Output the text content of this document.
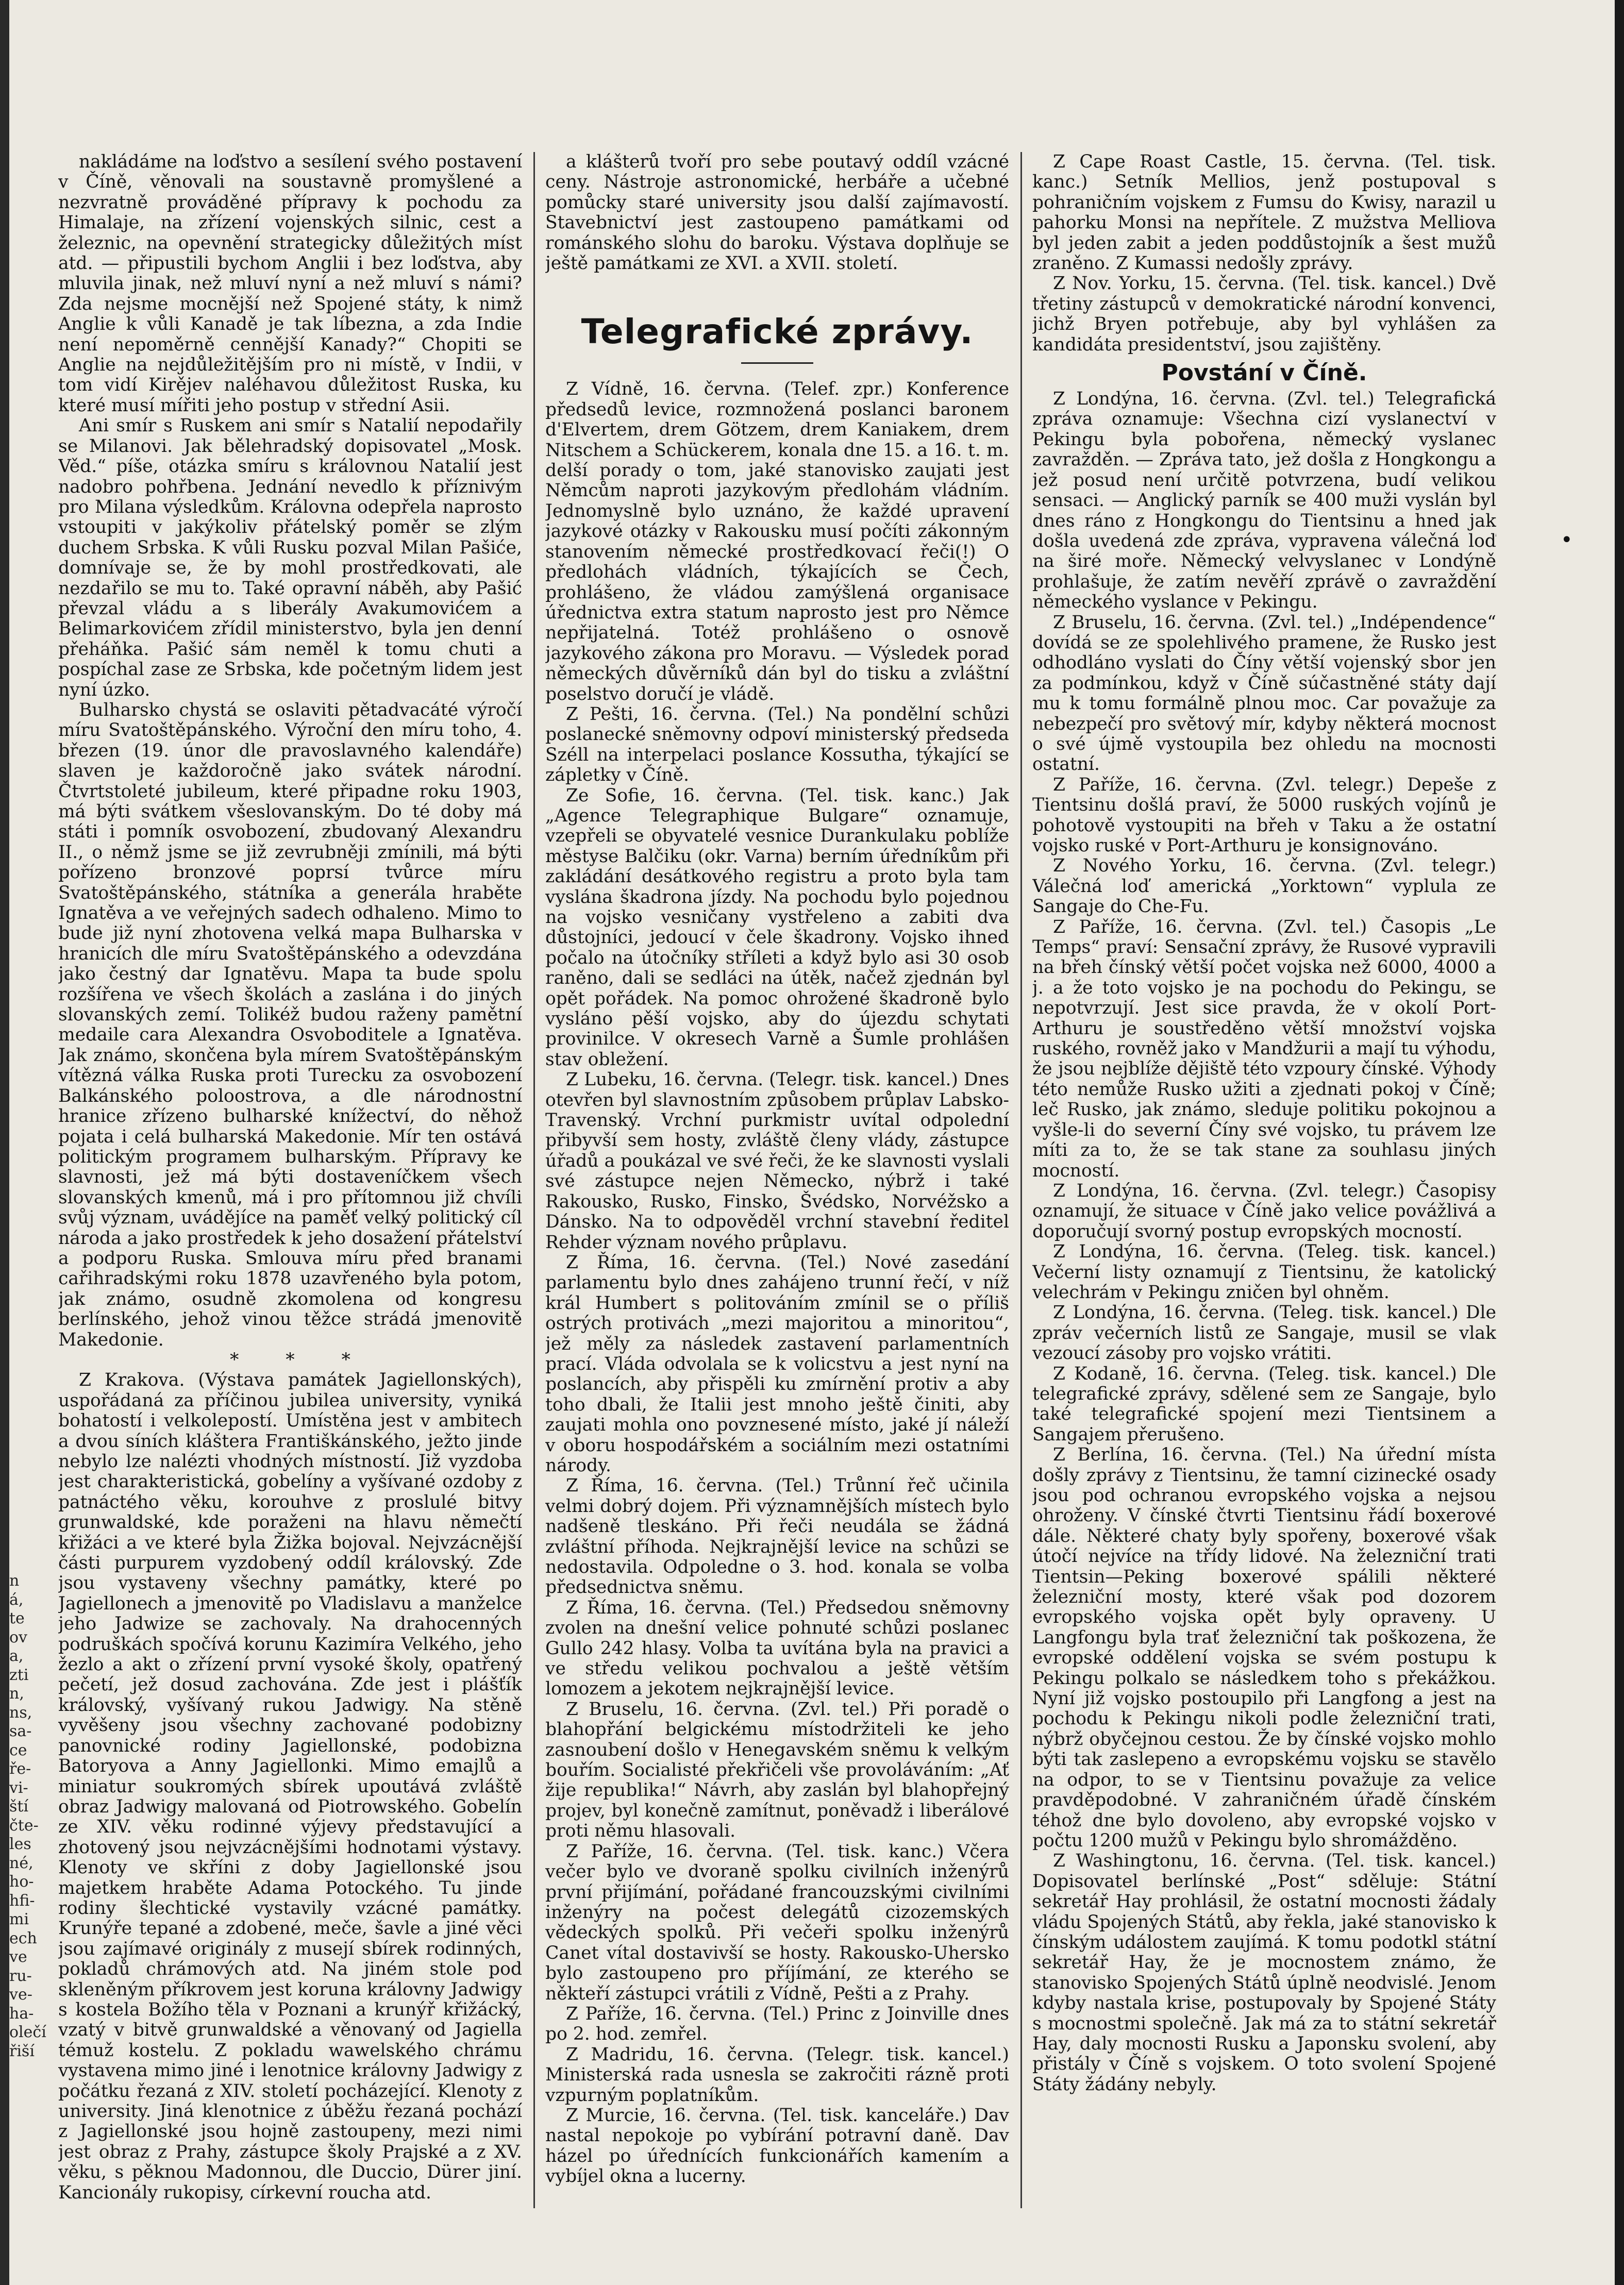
n
á,
te
ov
a,
zti
n,
ns,
sa-
ce
ře-
vi-
ští
čte-
les
né,
ho-
hfi-
mi
ech
ve
ru-
ve-
ha-
olečí
řiší
•

nakládáme na loďstvo a sesílení svého postavení v Číně, věnovali na soustavně promyšlené a nezvratně prováděné přípravy k pochodu za Himalaje, na zřízení vojenských silnic, cest a železnic, na opevnění strategicky důležitých míst atd. — připustili bychom Anglii i bez loďstva, aby mluvila jinak, než mluví nyní a než mluví s námi? Zda nejsme mocnější než Spojené státy, k nimž Anglie k vůli Kanadě je tak líbezna, a zda Indie není nepoměrně cennější Kanady?“ Chopiti se Anglie na nejdůležitějším pro ni místě, v Indii, v tom vidí Kirějev naléhavou důležitost Ruska, ku které musí mířiti jeho postup v střední Asii.

Ani smír s Ruskem ani smír s Natalií nepodařily se Milanovi. Jak bělehradský dopisovatel „Mosk. Věd.“ píše, otázka smíru s královnou Natalií jest nadobro pohřbena. Jednání nevedlo k příznivým pro Milana výsledkům. Královna odepřela naprosto vstoupiti v jakýkoliv přátelský poměr se zlým duchem Srbska. K vůli Rusku pozval Milan Pašiće, domnívaje se, že by mohl prostředkovati, ale nezdařilo se mu to. Také opravní náběh, aby Pašić převzal vládu a s liberály Avakumovićem a Belimarkovićem zřídil ministerstvo, byla jen denní přeháňka. Pašić sám neměl k tomu chuti a pospíchal zase ze Srbska, kde početným lidem jest nyní úzko.

Bulharsko chystá se oslaviti pětadvacáté výročí míru Svatoštěpánského. Výroční den míru toho, 4. březen (19. únor dle pravoslavného kalendáře) slaven je každoročně jako svátek národní. Čtvrtstoleté jubileum, které připadne roku 1903, má býti svátkem všeslovanským. Do té doby má státi i pomník osvobození, zbudovaný Alexandru II., o němž jsme se již zevrubněji zmínili, má býti pořízeno bronzové poprsí tvůrce míru Svatoštěpánského, státníka a generála hraběte Ignatěva a ve veřejných sadech odhaleno. Mimo to bude již nyní zhotovena velká mapa Bulharska v hranicích dle míru Svatoštěpánského a odevzdána jako čestný dar Ignatěvu. Mapa ta bude spolu rozšířena ve všech školách a zaslána i do jiných slovanských zemí. Tolikéž budou raženy pamětní medaile cara Alexandra Osvoboditele a Ignatěva. Jak známo, skončena byla mírem Svatoštěpánským vítězná válka Ruska proti Turecku za osvobození Balkánského poloostrova, a dle národnostní hranice zřízeno bulharské knížectví, do něhož pojata i celá bulharská Makedonie. Mír ten ostává politickým programem bulharským. Přípravy ke slavnosti, jež má býti dostaveníčkem všech slovanských kmenů, má i pro přítomnou již chvíli svůj význam, uvádějíce na paměť velký politický cíl národa a jako prostředek k jeho dosažení přátelství a podporu Ruska. Smlouva míru před branami cařihradskými roku 1878 uzavřeného byla potom, jak známo, osudně zkomolena od kongresu berlínského, jehož vinou těžce strádá jmenovitě Makedonie.

* * *

Z Krakova. (Výstava památek Jagiellonských), uspořádaná za příčinou jubilea university, vyniká bohatostí i velkolepostí. Umístěna jest v ambitech a dvou síních kláštera Františkánského, ježto jinde nebylo lze nalézti vhodných místností. Již vyzdoba jest charakteristická, gobelíny a vyšívané ozdoby z patnáctého věku, korouhve z proslulé bitvy grunwaldské, kde poraženi na hlavu němečtí křižáci a ve které byla Žižka bojoval. Nejvzácnější části purpurem vyzdobený oddíl královský. Zde jsou vystaveny všechny památky, které po Jagiellonech a jmenovitě po Vladislavu a manželce jeho Jadwize se zachovaly. Na drahocenných podruškách spočívá korunu Kazimíra Velkého, jeho žezlo a akt o zřízení první vysoké školy, opatřený pečetí, jež dosud zachována. Zde jest i plášťík královský, vyšívaný rukou Jadwigy. Na stěně vyvěšeny jsou všechny zachované podobizny panovnické rodiny Jagiellonské, podobizna Batoryova a Anny Jagiellonki. Mimo emajlů a miniatur soukromých sbírek upoutává zvláště obraz Jadwigy malovaná od Piotrowského. Gobelín ze XIV. věku rodinné výjevy představující a zhotovený jsou nejvzácnějšími hodnotami výstavy. Klenoty ve skříni z doby Jagiellonské jsou majetkem hraběte Adama Potockého. Tu jinde rodiny šlechtické vystavily vzácné památky. Krunýře tepané a zdobené, meče, šavle a jiné věci jsou zajímavé originály z musejí sbírek rodinných, pokladů chrámových atd. Na jiném stole pod skleněným příkrovem jest koruna královny Jadwigy s kostela Božího těla v Poznani a krunýř křižácký, vzatý v bitvě grunwaldské a věnovaný od Jagiella témuž kostelu. Z pokladu wawelského chrámu vystavena mimo jiné i lenotnice královny Jadwigy z počátku řezaná z XIV. století pocházející. Klenoty z university. Jiná klenotnice z úběžu řezaná pochází z Jagiellonské jsou hojně zastoupeny, mezi nimi jest obraz z Prahy, zástupce školy Prajské a z XV. věku, s pěknou Madonnou, dle Duccio, Dürer jiní. Kancionály rukopisy, církevní roucha atd.

a klášterů tvoří pro sebe poutavý oddíl vzácné ceny. Nástroje astronomické, herbáře a učebné pomůcky staré university jsou další zajímavostí. Stavebnictví jest zastoupeno památkami od románského slohu do baroku. Výstava doplňuje se ještě památkami ze XVI. a XVII. století.

Telegrafické zprávy.

Z Vídně, 16. června. (Telef. zpr.) Konference předsedů levice, rozmnožená poslanci baronem d'Elvertem, drem Götzem, drem Kaniakem, drem Nitschem a Schückerem, konala dne 15. a 16. t. m. delší porady o tom, jaké stanovisko zaujati jest Němcům naproti jazykovým předlohám vládním. Jednomyslně bylo uznáno, že každé upravení jazykové otázky v Rakousku musí počíti zákonným stanovením německé prostředkovací řeči(!) O předlohách vládních, týkajících se Čech, prohlášeno, že vládou zamýšlená organisace úřednictva extra statum naprosto jest pro Němce nepřijatelná. Totéž prohlášeno o osnově jazykového zákona pro Moravu. — Výsledek porad německých důvěrníků dán byl do tisku a zvláštní poselstvo doručí je vládě.

Z Pešti, 16. června. (Tel.) Na pondělní schůzi poslanecké sněmovny odpoví ministerský předseda Széll na interpelaci poslance Kossutha, týkající se zápletky v Číně.

Ze Sofie, 16. června. (Tel. tisk. kanc.) Jak „Agence Telegraphique Bulgare“ oznamuje, vzepřeli se obyvatelé vesnice Durankulaku poblíže městyse Balčiku (okr. Varna) berním úředníkům při zakládání desátkového registru a proto byla tam vyslána škadrona jízdy. Na pochodu bylo pojednou na vojsko vesničany vystřeleno a zabiti dva důstojníci, jedoucí v čele škadrony. Vojsko ihned počalo na útočníky stříleti a když bylo asi 30 osob raněno, dali se sedláci na útěk, načež zjednán byl opět pořádek. Na pomoc ohrožené škadroně bylo vysláno pěší vojsko, aby do újezdu schytati provinilce. V okresech Varně a Šumle prohlášen stav obležení.

Z Lubeku, 16. června. (Telegr. tisk. kancel.) Dnes otevřen byl slavnostním způsobem průplav Labsko-Travenský. Vrchní purkmistr uvítal odpolední přibyvší sem hosty, zvláště členy vlády, zástupce úřadů a poukázal ve své řeči, že ke slavnosti vyslali své zástupce nejen Německo, nýbrž i také Rakousko, Rusko, Finsko, Švédsko, Norvéžsko a Dánsko. Na to odpověděl vrchní stavební ředitel Rehder význam nového průplavu.

Z Říma, 16. června. (Tel.) Nové zasedání parlamentu bylo dnes zahájeno trunní řečí, v níž král Humbert s politováním zmínil se o příliš ostrých protivách „mezi majoritou a minoritou“, jež měly za následek zastavení parlamentních prací. Vláda odvolala se k volicstvu a jest nyní na poslancích, aby přispěli ku zmírnění protiv a aby toho dbali, že Italii jest mnoho ještě činiti, aby zaujati mohla ono povznesené místo, jaké jí náleží v oboru hospodářském a sociálním mezi ostatními národy.

Z Říma, 16. června. (Tel.) Trůnní řeč učinila velmi dobrý dojem. Při významnějších místech bylo nadšeně tleskáno. Při řeči neudála se žádná zvláštní příhoda. Nejkrajnější levice na schůzi se nedostavila. Odpoledne o 3. hod. konala se volba předsednictva sněmu.

Z Říma, 16. června. (Tel.) Předsedou sněmovny zvolen na dnešní velice pohnuté schůzi poslanec Gullo 242 hlasy. Volba ta uvítána byla na pravici a ve středu velikou pochvalou a ještě větším lomozem a jekotem nejkrajnější levice.

Z Bruselu, 16. června. (Zvl. tel.) Při poradě o blahopřání belgickému místodržiteli ke jeho zasnoubení došlo v Henegavském sněmu k velkým bouřím. Socialisté překřičeli vše provoláváním: „Ať žije republika!“ Návrh, aby zaslán byl blahopřejný projev, byl konečně zamítnut, poněvadž i liberálové proti němu hlasovali.

Z Paříže, 16. června. (Tel. tisk. kanc.) Včera večer bylo ve dvoraně spolku civilních inženýrů první přijímání, pořádané francouzskými civilními inženýry na počest delegátů cizozemských vědeckých spolků. Při večeři spolku inženýrů Canet vítal dostavivší se hosty. Rakousko-Uhersko bylo zastoupeno pro příjímání, ze kterého se někteří zástupci vrátili z Vídně, Pešti a z Prahy.

Z Paříže, 16. června. (Tel.) Princ z Joinville dnes po 2. hod. zemřel.

Z Madridu, 16. června. (Telegr. tisk. kancel.) Ministerská rada usnesla se zakročiti rázně proti vzpurným poplatníkům.

Z Murcie, 16. června. (Tel. tisk. kanceláře.) Dav nastal nepokoje po vybírání potravní daně. Dav házel po úřednících funkcionářích kamením a vybíjel okna a lucerny.

Z Cape Roast Castle, 15. června. (Tel. tisk. kanc.) Setník Mellios, jenž postupoval s pohraničním vojskem z Fumsu do Kwisy, narazil u pahorku Monsi na nepřítele. Z mužstva Melliova byl jeden zabit a jeden poddůstojník a šest mužů zraněno. Z Kumassi nedošly zprávy.

Z Nov. Yorku, 15. června. (Tel. tisk. kancel.) Dvě třetiny zástupců v demokratické národní konvenci, jichž Bryen potřebuje, aby byl vyhlášen za kandidáta presidentství, jsou zajištěny.

Povstání v Číně.

Z Londýna, 16. června. (Zvl. tel.) Telegrafická zpráva oznamuje: Všechna cizí vyslanectví v Pekingu byla pobořena, německý vyslanec zavražděn. — Zpráva tato, jež došla z Hongkongu a jež posud není určitě potvrzena, budí velikou sensaci. — Anglický parník se 400 muži vyslán byl dnes ráno z Hongkongu do Tientsinu a hned jak došla uvedená zde zpráva, vypravena válečná loď na širé moře. Německý velvyslanec v Londýně prohlašuje, že zatím nevěří zprávě o zavraždění německého vyslance v Pekingu.

Z Bruselu, 16. června. (Zvl. tel.) „Indépendence“ dovídá se ze spolehlivého pramene, že Rusko jest odhodláno vyslati do Číny větší vojenský sbor jen za podmínkou, když v Číně súčastněné státy dají mu k tomu formálně plnou moc. Car považuje za nebezpečí pro světový mír, kdyby některá mocnost o své újmě vystoupila bez ohledu na mocnosti ostatní.

Z Paříže, 16. června. (Zvl. telegr.) Depeše z Tientsinu došlá praví, že 5000 ruských vojínů je pohotově vystoupiti na břeh v Taku a že ostatní vojsko ruské v Port-Arthuru je konsignováno.

Z Nového Yorku, 16. června. (Zvl. telegr.) Válečná loď americká „Yorktown“ vyplula ze Sangaje do Che-Fu.

Z Paříže, 16. června. (Zvl. tel.) Časopis „Le Temps“ praví: Sensační zprávy, že Rusové vypravili na břeh čínský větší počet vojska než 6000, 4000 a j. a že toto vojsko je na pochodu do Pekingu, se nepotvrzují. Jest sice pravda, že v okolí Port-Arthuru je soustředěno větší množství vojska ruského, rovněž jako v Mandžurii a mají tu výhodu, že jsou nejblíže dějiště této vzpoury čínské. Výhody této nemůže Rusko užiti a zjednati pokoj v Číně; leč Rusko, jak známo, sleduje politiku pokojnou a vyšle-li do severní Číny své vojsko, tu právem lze míti za to, že se tak stane za souhlasu jiných mocností.

Z Londýna, 16. června. (Zvl. telegr.) Časopisy oznamují, že situace v Číně jako velice povážlivá a doporučují svorný postup evropských mocností.

Z Londýna, 16. června. (Teleg. tisk. kancel.) Večerní listy oznamují z Tientsinu, že katolický velechrám v Pekingu zničen byl ohněm.

Z Londýna, 16. června. (Teleg. tisk. kancel.) Dle zpráv večerních listů ze Sangaje, musil se vlak vezoucí zásoby pro vojsko vrátiti.

Z Kodaně, 16. června. (Teleg. tisk. kancel.) Dle telegrafické zprávy, sdělené sem ze Sangaje, bylo také telegrafické spojení mezi Tientsinem a Sangajem přerušeno.

Z Berlína, 16. června. (Tel.) Na úřední místa došly zprávy z Tientsinu, že tamní cizinecké osady jsou pod ochranou evropského vojska a nejsou ohroženy. V čínské čtvrti Tientsinu řádí boxerové dále. Některé chaty byly spořeny, boxerové však útočí nejvíce na třídy lidové. Na železniční trati Tientsin—Peking boxerové spálili některé železniční mosty, které však pod dozorem evropského vojska opět byly opraveny. U Langfongu byla trať železniční tak poškozena, že evropské oddělení vojska se svém postupu k Pekingu polkalo se následkem toho s překážkou. Nyní již vojsko postoupilo při Langfong a jest na pochodu k Pekingu nikoli podle železniční trati, nýbrž obyčejnou cestou. Že by čínské vojsko mohlo býti tak zaslepeno a evropskému vojsku se stavělo na odpor, to se v Tientsinu považuje za velice pravděpodobné. V zahraničném úřadě čínském téhož dne bylo dovoleno, aby evropské vojsko v počtu 1200 mužů v Pekingu bylo shromážděno.

Z Washingtonu, 16. června. (Tel. tisk. kancel.) Dopisovatel berlínské „Post“ sděluje: Státní sekretář Hay prohlásil, že ostatní mocnosti žádaly vládu Spojených Států, aby řekla, jaké stanovisko k čínským událostem zaujímá. K tomu podotkl státní sekretář Hay, že je mocnostem známo, že stanovisko Spojených Států úplně neodvislé. Jenom kdyby nastala krise, postupovaly by Spojené Státy s mocnostmi společně. Jak má za to státní sekretář Hay, daly mocnosti Rusku a Japonsku svolení, aby přistály v Číně s vojskem. O toto svolení Spojené Státy žádány nebyly.
